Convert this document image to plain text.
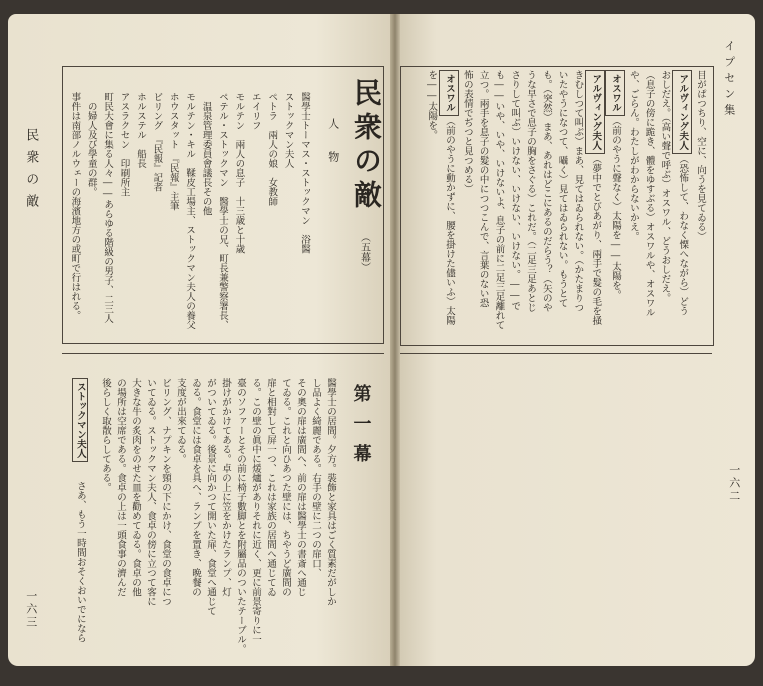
民衆の敵
一六三
民衆の敵
（五幕）
人物
醫學士トーマス・ストックマン　浴醫
ストックマン夫人
ペトラ　兩人の娘　女教師
エイリフ
モルテン　兩人の息子　十三歳と十歳
ペテル・ストックマン　醫學士の兄、町長兼警察署長、
　温泉管理委員會議長その他
モルテン・キル　鞣皮工場主、ストックマン夫人の養父
ホウスタット　『民報』主筆
ビリング　『民報』記者
ホルステル　船長
アスラクセン　印刷所主
町民大會に集る人々――あらゆる階級の男子、二三人
　の婦人及び學童の群。
事件は南部ノルウェーの海濱地方の或町で行はれる。
第一幕
醫學士の居間。夕方。裝飾と家具はごく質素だがしか
し品よく綺麗である。右手の壁に二つの扉口、
その奧の扉は廣間へ、前の扉は醫學士の書斎へ通じ
てゐる。これと向ひあつた壁には、ちやうど廣間の
扉と相對して屏一つ、これは家族の居間へ通じてゐ
る。この壁の眞中に煖爐がありそれに近く、更に前景寄りに一
臺のソファーとその前に椅子數脚とを附屬品のついたテーブル。
掛けがかけてある。卓の上に笠をかけたランプ、灯
がついてゐる。後景に向かつて開いた扉、食堂へ通じて
ゐる。食堂には食卓を具へ、ランプを置き、晩餐の
支度が出來てゐる。
ビリング、ナプキンを頸の下にかけ、食堂の食卓につ
いてゐる。ストックマン夫人、食卓の傍に立つて客に
大きな牛の炙肉をのせた皿を勸めてゐる。食卓の他
の場所は空席である。食卓の上は一頭食事の濟んだ
後らしく取散らしてある。
ストックマン夫人 さあ、もう一時間おそくおいでになら
イプセン集
一六二
目がぱつちり、空に、向うを見てゐる）
アルヴィング夫人（恐怖して、わなく慄へながら）どう
おしだえ。（高い聲で呼ぶ）オスワル、どうおしだえ。
（息子の傍に跪き、體をゆすぶる）オスワルや、オスワル
や、ごらん。わたしがわからないかえ。
オスワル（前のやうに聲なく）太陽を――太陽を。
アルヴィング夫人（夢中でとびあがり、兩手で髮の毛を掻
きむしつて叫ぶ）まあ、見てはゐられない。（かたまりつ
いたやうになつて、囁く）見てはゐられない。もうとて
も。（突然）まあ、あれはどこにあるのだらう？（矢のや
うな早さで息子の胸をさぐる）これだ。（二足三足あとじ
さりして叫ぶ）いけない、いけない、いけない。――で
も――いや、いや、いけないよ、息子の前に二足三足離れて
立つ。兩手を息子の髮の中につつこんで、言葉のない恐
怖の表情でぢつと見つめる）
オスワル（前のやうに動かずに、腰を掛けた儘いふ）太陽
を――太陽を。
